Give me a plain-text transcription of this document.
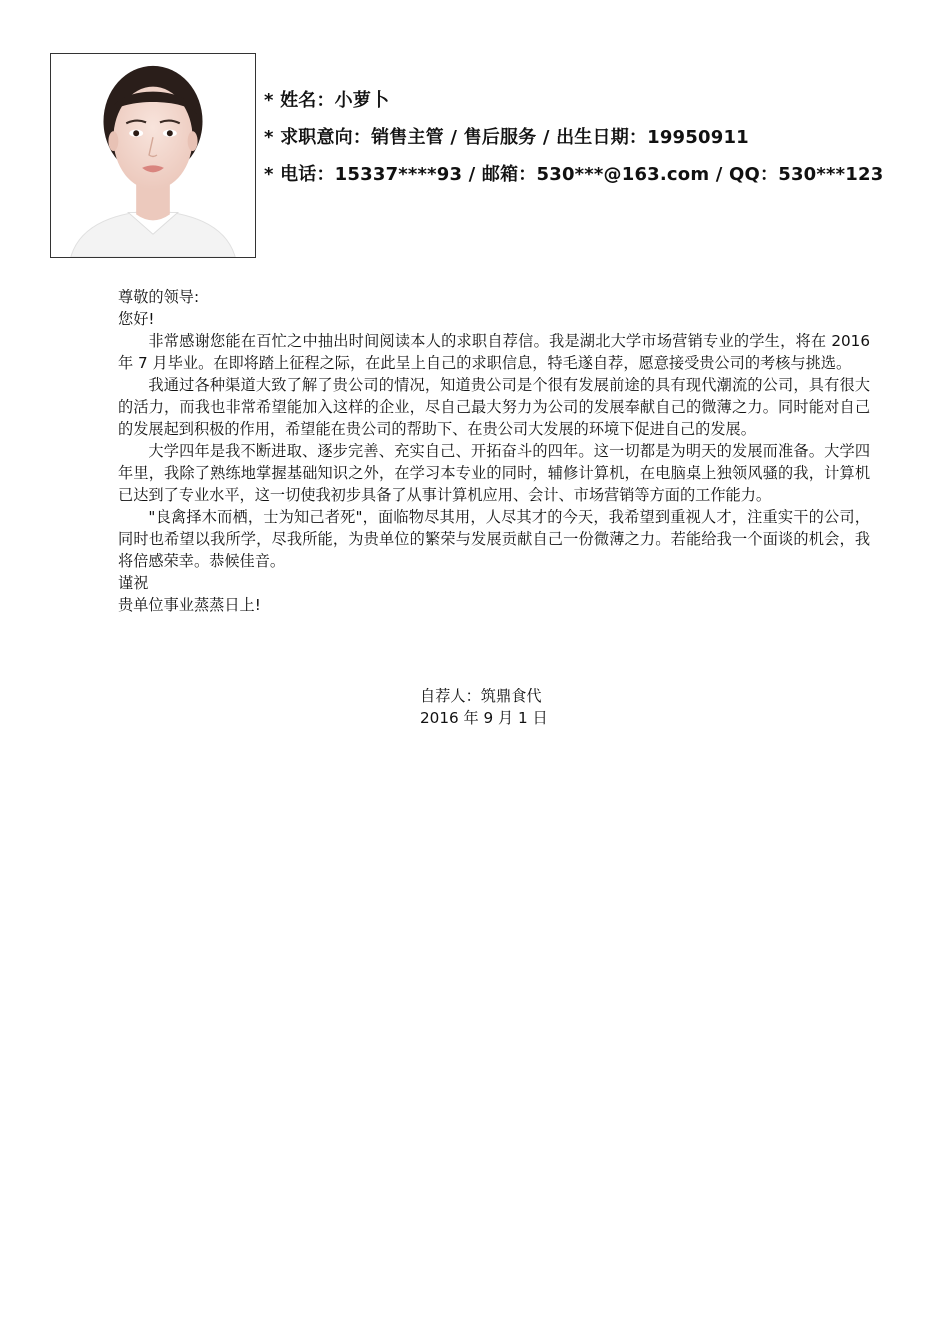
* 姓名：小萝卜
* 求职意向：销售主管 / 售后服务 / 出生日期：19950911
* 电话：15337****93 / 邮箱：530***@163.com / QQ：530***123

尊敬的领导:

您好!

非常感谢您能在百忙之中抽出时间阅读本人的求职自荐信。我是湖北大学市场营销专业的学生，将在 2016 年 7 月毕业。在即将踏上征程之际，在此呈上自己的求职信息，特毛遂自荐，愿意接受贵公司的考核与挑选。

我通过各种渠道大致了解了贵公司的情况，知道贵公司是个很有发展前途的具有现代潮流的公司，具有很大的活力，而我也非常希望能加入这样的企业，尽自己最大努力为公司的发展奉献自己的微薄之力。同时能对自己的发展起到积极的作用，希望能在贵公司的帮助下、在贵公司大发展的环境下促进自己的发展。

大学四年是我不断进取、逐步完善、充实自己、开拓奋斗的四年。这一切都是为明天的发展而准备。大学四年里，我除了熟练地掌握基础知识之外，在学习本专业的同时，辅修计算机，在电脑桌上独领风骚的我，计算机已达到了专业水平，这一切使我初步具备了从事计算机应用、会计、市场营销等方面的工作能力。

"良禽择木而栖，士为知己者死"，面临物尽其用，人尽其才的今天，我希望到重视人才，注重实干的公司，同时也希望以我所学，尽我所能，为贵单位的繁荣与发展贡献自己一份微薄之力。若能给我一个面谈的机会，我将倍感荣幸。恭候佳音。

谨祝

贵单位事业蒸蒸日上!

自荐人：筑鼎食代
2016 年 9 月 1 日
